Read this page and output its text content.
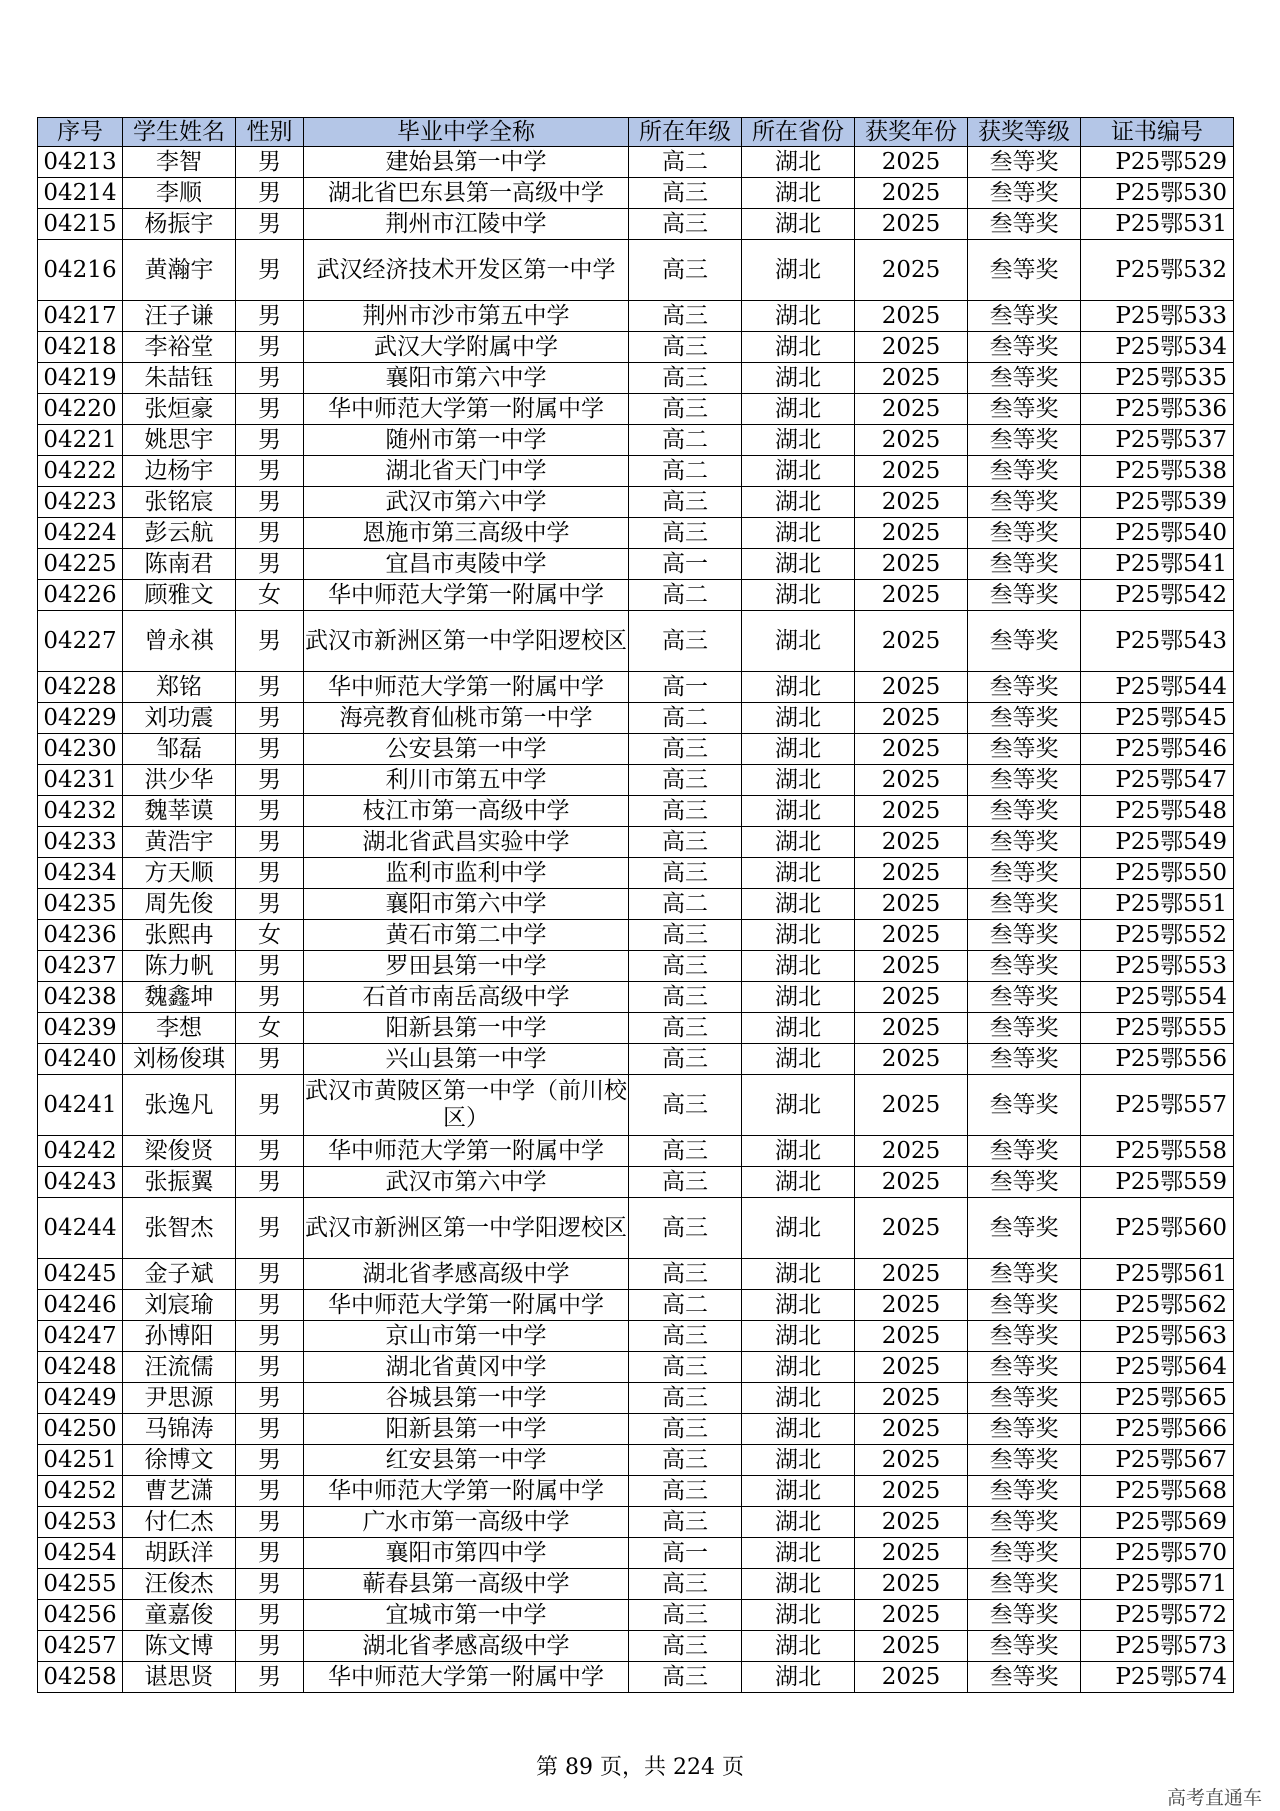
序号	学生姓名	性别	毕业中学全称	所在年级	所在省份	获奖年份	获奖等级	证书编号
04213	李智	男	建始县第一中学	高二	湖北	2025	叁等奖	P25鄂529
04214	李顺	男	湖北省巴东县第一高级中学	高三	湖北	2025	叁等奖	P25鄂530
04215	杨振宇	男	荆州市江陵中学	高三	湖北	2025	叁等奖	P25鄂531
04216	黄瀚宇	男	武汉经济技术开发区第一中学	高三	湖北	2025	叁等奖	P25鄂532
04217	汪子谦	男	荆州市沙市第五中学	高三	湖北	2025	叁等奖	P25鄂533
04218	李裕堂	男	武汉大学附属中学	高三	湖北	2025	叁等奖	P25鄂534
04219	朱喆钰	男	襄阳市第六中学	高三	湖北	2025	叁等奖	P25鄂535
04220	张烜豪	男	华中师范大学第一附属中学	高三	湖北	2025	叁等奖	P25鄂536
04221	姚思宇	男	随州市第一中学	高二	湖北	2025	叁等奖	P25鄂537
04222	边杨宇	男	湖北省天门中学	高二	湖北	2025	叁等奖	P25鄂538
04223	张铭宸	男	武汉市第六中学	高三	湖北	2025	叁等奖	P25鄂539
04224	彭云航	男	恩施市第三高级中学	高三	湖北	2025	叁等奖	P25鄂540
04225	陈南君	男	宜昌市夷陵中学	高一	湖北	2025	叁等奖	P25鄂541
04226	顾雅文	女	华中师范大学第一附属中学	高二	湖北	2025	叁等奖	P25鄂542
04227	曾永祺	男	武汉市新洲区第一中学阳逻校区	高三	湖北	2025	叁等奖	P25鄂543
04228	郑铭	男	华中师范大学第一附属中学	高一	湖北	2025	叁等奖	P25鄂544
04229	刘功震	男	海亮教育仙桃市第一中学	高二	湖北	2025	叁等奖	P25鄂545
04230	邹磊	男	公安县第一中学	高三	湖北	2025	叁等奖	P25鄂546
04231	洪少华	男	利川市第五中学	高三	湖北	2025	叁等奖	P25鄂547
04232	魏莘谟	男	枝江市第一高级中学	高三	湖北	2025	叁等奖	P25鄂548
04233	黄浩宇	男	湖北省武昌实验中学	高三	湖北	2025	叁等奖	P25鄂549
04234	方天顺	男	监利市监利中学	高三	湖北	2025	叁等奖	P25鄂550
04235	周先俊	男	襄阳市第六中学	高二	湖北	2025	叁等奖	P25鄂551
04236	张熙冉	女	黄石市第二中学	高三	湖北	2025	叁等奖	P25鄂552
04237	陈力帆	男	罗田县第一中学	高三	湖北	2025	叁等奖	P25鄂553
04238	魏鑫坤	男	石首市南岳高级中学	高三	湖北	2025	叁等奖	P25鄂554
04239	李想	女	阳新县第一中学	高三	湖北	2025	叁等奖	P25鄂555
04240	刘杨俊琪	男	兴山县第一中学	高三	湖北	2025	叁等奖	P25鄂556
04241	张逸凡	男	武汉市黄陂区第一中学（前川校区）	高三	湖北	2025	叁等奖	P25鄂557
04242	梁俊贤	男	华中师范大学第一附属中学	高三	湖北	2025	叁等奖	P25鄂558
04243	张振翼	男	武汉市第六中学	高三	湖北	2025	叁等奖	P25鄂559
04244	张智杰	男	武汉市新洲区第一中学阳逻校区	高三	湖北	2025	叁等奖	P25鄂560
04245	金子斌	男	湖北省孝感高级中学	高三	湖北	2025	叁等奖	P25鄂561
04246	刘宸瑜	男	华中师范大学第一附属中学	高二	湖北	2025	叁等奖	P25鄂562
04247	孙博阳	男	京山市第一中学	高三	湖北	2025	叁等奖	P25鄂563
04248	汪流儒	男	湖北省黄冈中学	高三	湖北	2025	叁等奖	P25鄂564
04249	尹思源	男	谷城县第一中学	高三	湖北	2025	叁等奖	P25鄂565
04250	马锦涛	男	阳新县第一中学	高三	湖北	2025	叁等奖	P25鄂566
04251	徐博文	男	红安县第一中学	高三	湖北	2025	叁等奖	P25鄂567
04252	曹艺潇	男	华中师范大学第一附属中学	高三	湖北	2025	叁等奖	P25鄂568
04253	付仁杰	男	广水市第一高级中学	高三	湖北	2025	叁等奖	P25鄂569
04254	胡跃洋	男	襄阳市第四中学	高一	湖北	2025	叁等奖	P25鄂570
04255	汪俊杰	男	蕲春县第一高级中学	高三	湖北	2025	叁等奖	P25鄂571
04256	童嘉俊	男	宜城市第一中学	高三	湖北	2025	叁等奖	P25鄂572
04257	陈文博	男	湖北省孝感高级中学	高三	湖北	2025	叁等奖	P25鄂573
04258	谌思贤	男	华中师范大学第一附属中学	高三	湖北	2025	叁等奖	P25鄂574
第 89 页，共 224 页
高考直通车
